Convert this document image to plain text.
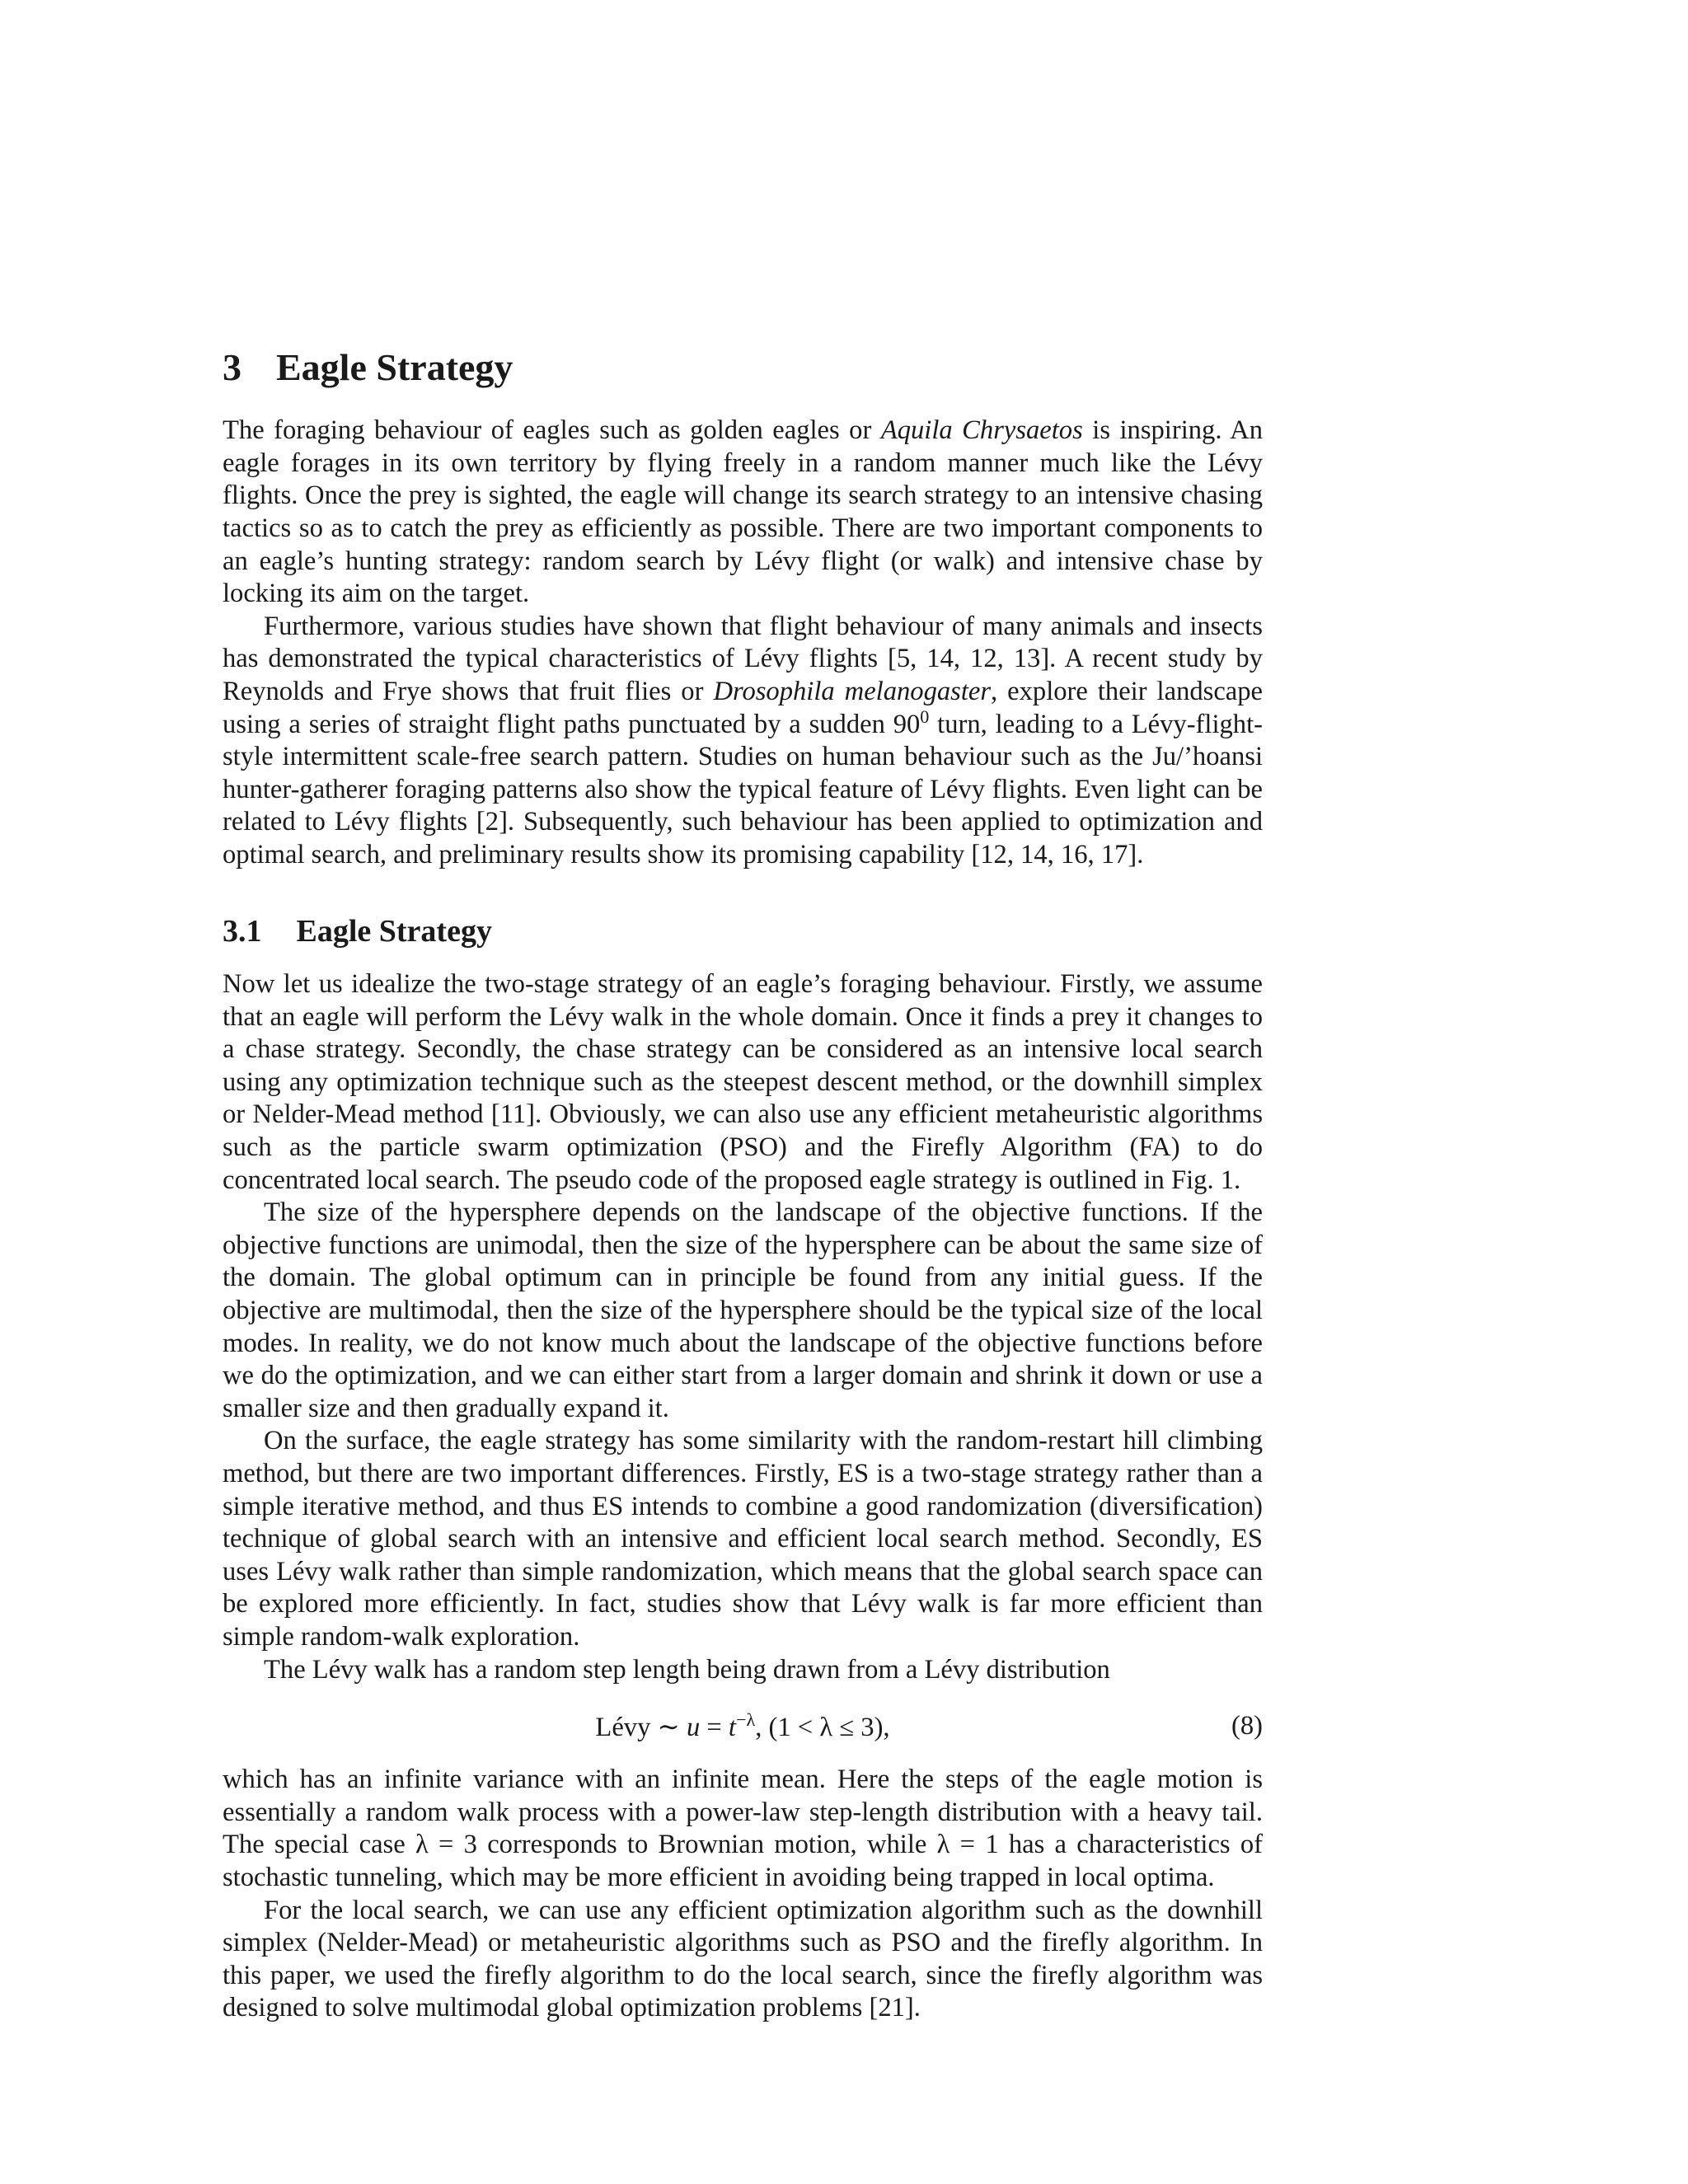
3 Eagle Strategy

The foraging behaviour of eagles such as golden eagles or Aquila Chrysaetos is inspiring. An eagle forages in its own territory by flying freely in a random manner much like the Lévy flights. Once the prey is sighted, the eagle will change its search strategy to an intensive chasing tactics so as to catch the prey as efficiently as possible. There are two important components to an eagle’s hunting strategy: random search by Lévy flight (or walk) and intensive chase by locking its aim on the target.

Furthermore, various studies have shown that flight behaviour of many animals and insects has demonstrated the typical characteristics of Lévy flights [5, 14, 12, 13]. A recent study by Reynolds and Frye shows that fruit flies or Drosophila melanogaster, explore their landscape using a series of straight flight paths punctuated by a sudden $90^0$ turn, leading to a Lévy-flight-style intermittent scale-free search pattern. Studies on human behaviour such as the Ju/’hoansi hunter-gatherer foraging patterns also show the typical feature of Lévy flights. Even light can be related to Lévy flights [2]. Subsequently, such behaviour has been applied to optimization and optimal search, and preliminary results show its promising capability [12, 14, 16, 17].

3.1 Eagle Strategy

Now let us idealize the two-stage strategy of an eagle’s foraging behaviour. Firstly, we assume that an eagle will perform the Lévy walk in the whole domain. Once it finds a prey it changes to a chase strategy. Secondly, the chase strategy can be considered as an intensive local search using any optimization technique such as the steepest descent method, or the downhill simplex or Nelder-Mead method [11]. Obviously, we can also use any efficient metaheuristic algorithms such as the particle swarm optimization (PSO) and the Firefly Algorithm (FA) to do concentrated local search. The pseudo code of the proposed eagle strategy is outlined in Fig. 1.

The size of the hypersphere depends on the landscape of the objective functions. If the objective functions are unimodal, then the size of the hypersphere can be about the same size of the domain. The global optimum can in principle be found from any initial guess. If the objective are multimodal, then the size of the hypersphere should be the typical size of the local modes. In reality, we do not know much about the landscape of the objective functions before we do the optimization, and we can either start from a larger domain and shrink it down or use a smaller size and then gradually expand it.

On the surface, the eagle strategy has some similarity with the random-restart hill climbing method, but there are two important differences. Firstly, ES is a two-stage strategy rather than a simple iterative method, and thus ES intends to combine a good randomization (diversification) technique of global search with an intensive and efficient local search method. Secondly, ES uses Lévy walk rather than simple randomization, which means that the global search space can be explored more efficiently. In fact, studies show that Lévy walk is far more efficient than simple random-walk exploration.

The Lévy walk has a random step length being drawn from a Lévy distribution

Lévy ∼ $u = t^{-\lambda}$, (1 < λ ≤ 3),	(8)

which has an infinite variance with an infinite mean. Here the steps of the eagle motion is essentially a random walk process with a power-law step-length distribution with a heavy tail. The special case λ = 3 corresponds to Brownian motion, while λ = 1 has a characteristics of stochastic tunneling, which may be more efficient in avoiding being trapped in local optima.

For the local search, we can use any efficient optimization algorithm such as the downhill simplex (Nelder-Mead) or metaheuristic algorithms such as PSO and the firefly algorithm. In this paper, we used the firefly algorithm to do the local search, since the firefly algorithm was designed to solve multimodal global optimization problems [21].
